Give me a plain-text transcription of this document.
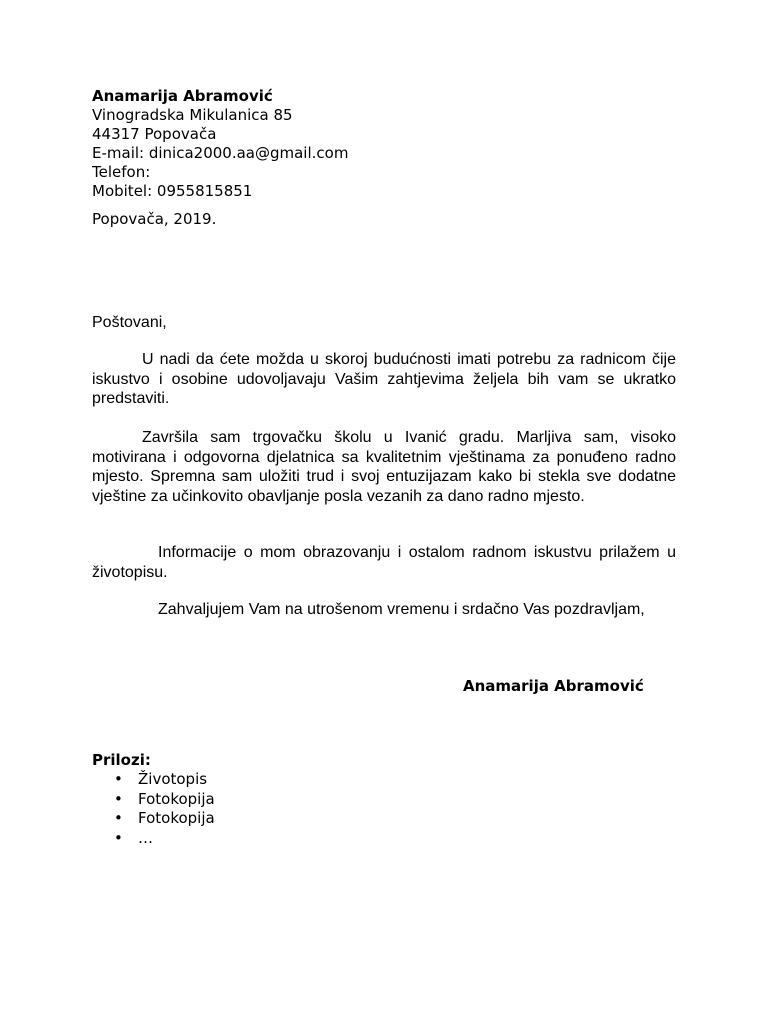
Anamarija Abramović
Vinogradska Mikulanica 85
44317 Popovača
E-mail: dinica2000.aa@gmail.com
Telefon:
Mobitel: 0955815851
Popovača, 2019.
Poštovani,

U nadi da ćete možda u skoroj budućnosti imati potrebu za radnicom čije iskustvo i osobine udovoljavaju Vašim zahtjevima željela bih vam se ukratko predstaviti.

Završila sam trgovačku školu u Ivanić gradu. Marljiva sam, visoko motivirana i odgovorna djelatnica sa kvalitetnim vještinama za ponuđeno radno mjesto. Spremna sam uložiti trud i svoj entuzijazam kako bi stekla sve dodatne vještine za učinkovito obavljanje posla vezanih za dano radno mjesto.

Informacije o mom obrazovanju i ostalom radnom iskustvu prilažem u životopisu.

Zahvaljujem Vam na utrošenom vremenu i srdačno Vas pozdravljam,

Anamarija Abramović
Prilozi:
• Životopis
• Fotokopija
• Fotokopija
• …
